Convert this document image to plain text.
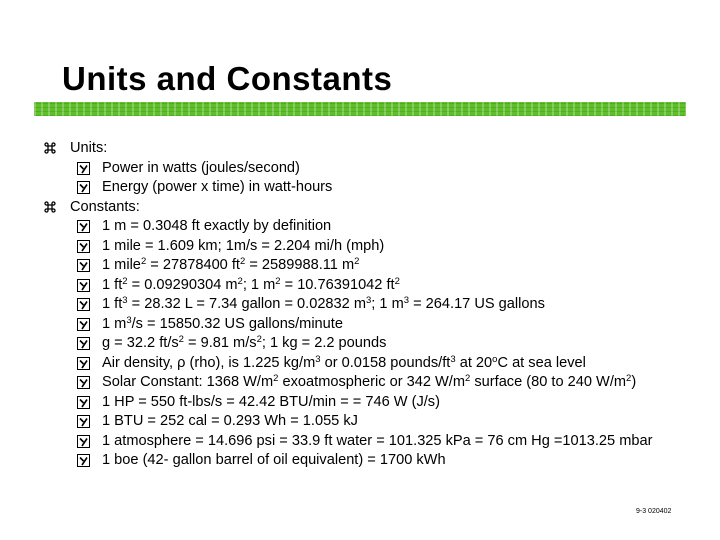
Units and Constants
Units:
Power in watts (joules/second)
Energy (power x time) in watt-hours
Constants:
1 m = 0.3048 ft exactly by definition
1 mile = 1.609 km; 1m/s = 2.204 mi/h (mph)
1 mile$^2$ = 27878400 $ft^2 = 2589988.11$ $m^2$
1 $ft^2 = 0.09290304$ $m^2$; 1 $m^2 = 10.76391042$ $ft^2$
1 $ft^3 = 28.32$ L = 7.34 gallon = 0.02832 $m^3$; 1 $m^3 = 264.17$ US gallons
1 $m^3/s = 15850.32$ US gallons/minute
g = 32.2 $ft/s^2 = 9.81$ $m/s^2$; 1 kg = 2.2 pounds
Air density, ρ (rho), is 1.225 $kg/m^3$ or 0.0158 pounds/$ft^3$ at 20$^o$C at sea level
Solar Constant: 1368 $W/m^2$ exoatmospheric or 342 $W/m^2$ surface (80 to 240 $W/m^2$)
1 HP = 550 ft-lbs/s = 42.42 BTU/min = = 746 W (J/s)
1 BTU = 252 cal = 0.293 Wh = 1.055 kJ
1 atmosphere = 14.696 psi = 33.9 ft water = 101.325 kPa = 76 cm Hg =1013.25 mbar
1 boe (42- gallon barrel of oil equivalent) = 1700 kWh
9-3 020402
